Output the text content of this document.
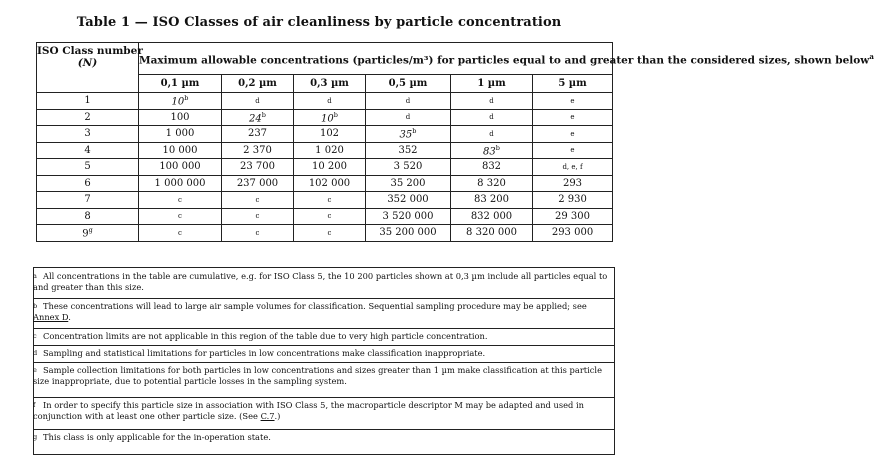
Table 1 — ISO Classes of air cleanliness by particle concentration
ISO Class number
(N)	Maximum allowable concentrations (particles/m³) for particles equal to and greater than the considered sizes, shown below$^a$
	0,1 µm	0,2 µm	0,3 µm	0,5 µm	1 µm	5 µm
1	10$^b$	d	d	d	d	e
2	100	24$^b$	10$^b$	d	d	e
3	1 000	237	102	35$^b$	d	e
4	10 000	2 370	1 020	352	83$^b$	e
5	100 000	23 700	10 200	3 520	832	d, e, f
6	1 000 000	237 000	102 000	35 200	8 320	293
7	c	c	c	352 000	83 200	2 930
8	c	c	c	3 520 000	832 000	29 300
9$^g$	c	c	c	35 200 000	8 320 000	293 000
a All concentrations in the table are cumulative, e.g. for ISO Class 5, the 10 200 particles shown at 0,3 µm include all particles equal to and greater than this size.
b These concentrations will lead to large air sample volumes for classification. Sequential sampling procedure may be applied; see Annex D.
c Concentration limits are not applicable in this region of the table due to very high particle concentration.
d Sampling and statistical limitations for particles in low concentrations make classification inappropriate.
e Sample collection limitations for both particles in low concentrations and sizes greater than 1 µm make classification at this particle size inappropriate, due to potential particle losses in the sampling system.
f In order to specify this particle size in association with ISO Class 5, the macroparticle descriptor M may be adapted and used in conjunction with at least one other particle size. (See C.7.)
g This class is only applicable for the in-operation state.
